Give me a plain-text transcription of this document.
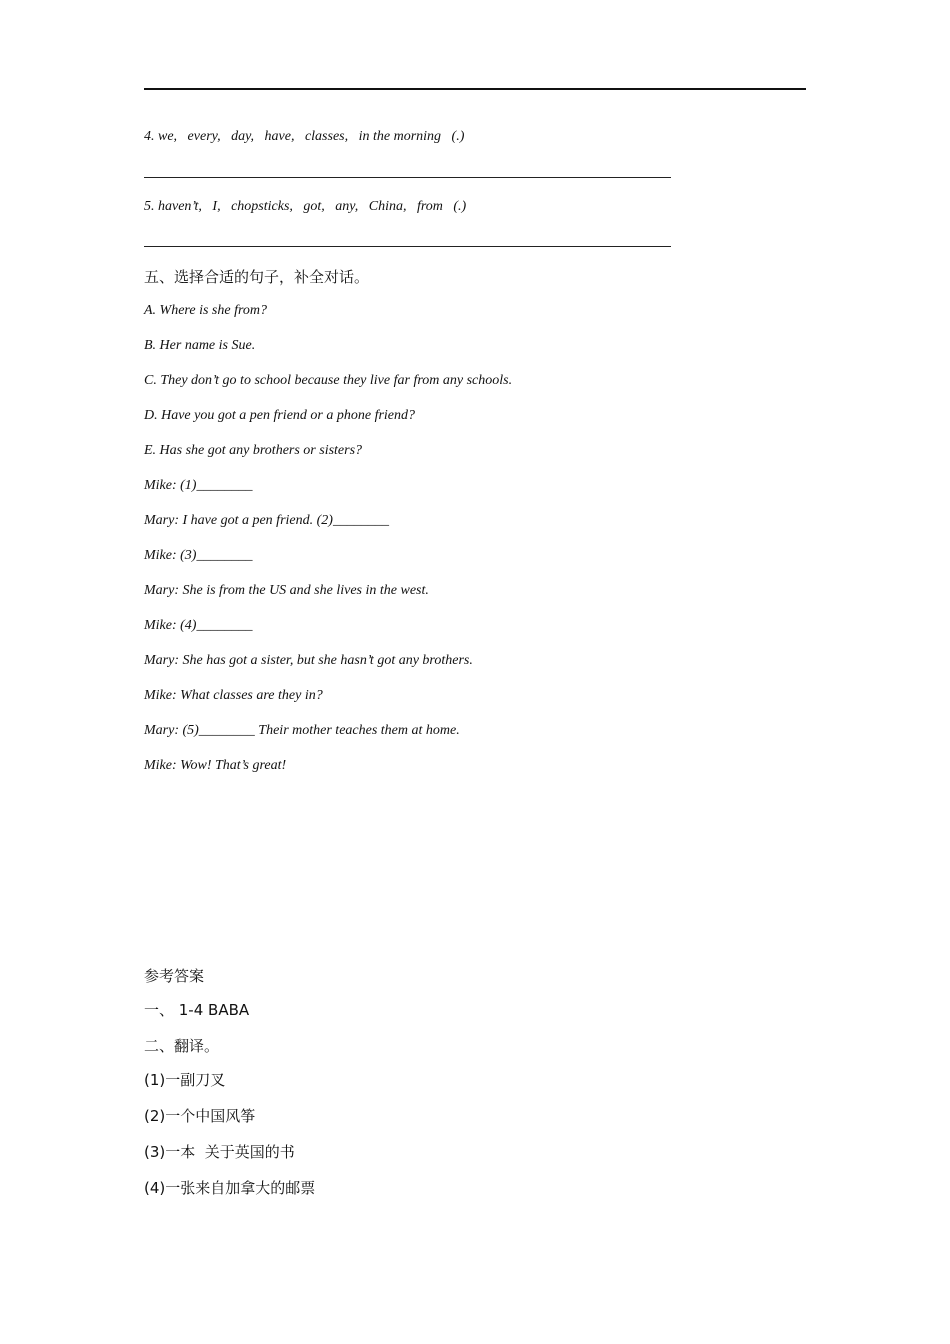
4. we,   every,   day,   have,   classes,   in the morning   (.)
5. haven’t,   I,   chopsticks,   got,   any,   China,   from   (.)
五、选择合适的句子，补全对话。
A. Where is she from?
B. Her name is Sue.
C. They don’t go to school because they live far from any schools.
D. Have you got a pen friend or a phone friend?
E. Has she got any brothers or sisters?
Mike: (1)________
Mary: I have got a pen friend. (2)________
Mike: (3)________
Mary: She is from the US and she lives in the west.
Mike: (4)________
Mary: She has got a sister, but she hasn’t got any brothers.
Mike: What classes are they in?
Mary: (5)________ Their mother teaches them at home.
Mike: Wow! That’s great!
参考答案
一、 1-4 BABA
二、翻译。
(1)一副刀叉
(2)一个中国风筝
(3)一本  关于英国的书
(4)一张来自加拿大的邮票
